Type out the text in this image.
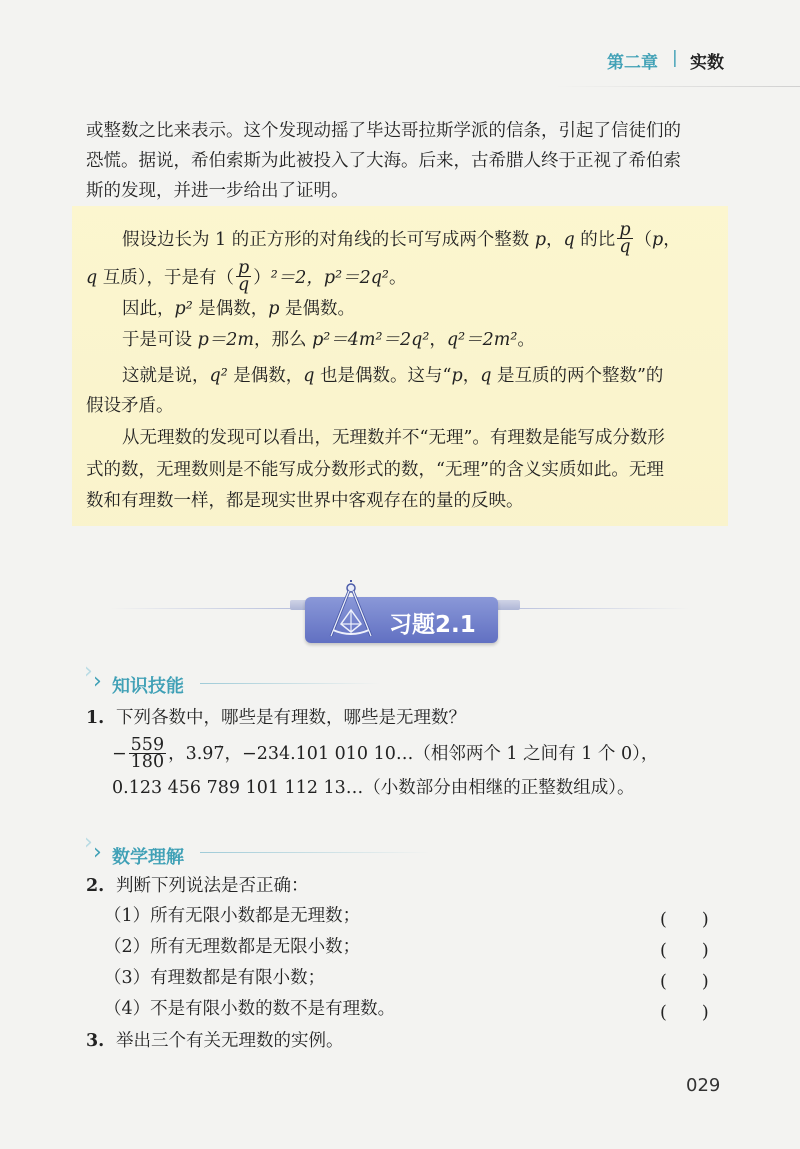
第二章 | 实数
或整数之比来表示。这个发现动摇了毕达哥拉斯学派的信条，引起了信徒们的
恐慌。据说，希伯索斯为此被投入了大海。后来，古希腊人终于正视了希伯索
斯的发现，并进一步给出了证明。
假设边长为 1 的正方形的对角线的长可写成两个整数 p，q 的比 $\frac{p}{q} (p$，
q 互质），于是有（ $\frac{p}{q} )^2=2$，p²＝2q²。
因此，p² 是偶数，p 是偶数。
于是可设 p＝2m，那么 p²＝4m²＝2q²，q²＝2m²。
这就是说，q² 是偶数，q 也是偶数。这与“p，q 是互质的两个整数”的
假设矛盾。
从无理数的发现可以看出，无理数并不“无理”。有理数是能写成分数形
式的数，无理数则是不能写成分数形式的数，“无理”的含义实质如此。无理
数和有理数一样，都是现实世界中客观存在的量的反映。
习题2.1
› › 知识技能
1. 下列各数中，哪些是有理数，哪些是无理数？
− $\frac{559}{180}$ ，3.97̇，−234.101 010 10…（相邻两个 1 之间有 1 个 0），
0.123 456 789 101 112 13…（小数部分由相继的正整数组成）。
› › 数学理解
2. 判断下列说法是否正确：
（1）所有无限小数都是无理数；	(　　)
（2）所有无理数都是无限小数；	(　　)
（3）有理数都是有限小数；	(　　)
（4）不是有限小数的数不是有理数。	(　　)
3. 举出三个有关无理数的实例。
029
